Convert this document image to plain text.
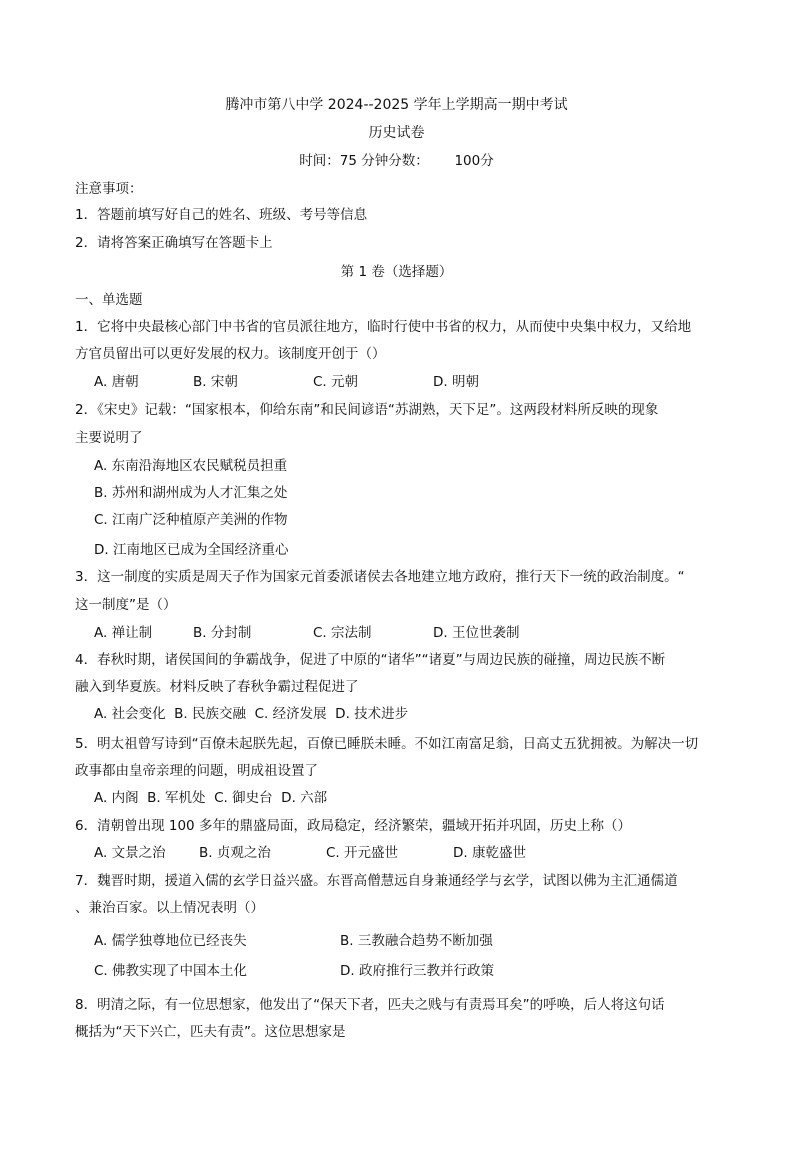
腾冲市第八中学 2024--2025 学年上学期高一期中考试
历史试卷
时间：75 分钟分数：      100分
注意事项：
1．答题前填写好自己的姓名、班级、考号等信息
2．请将答案正确填写在答题卡上
第 1 卷（选择题）
一、单选题
1．它将中央最核心部门中书省的官员派往地方，临时行使中书省的权力，从而使中央集中权力，又给地
方官员留出可以更好发展的权力。该制度开创于（）
A. 唐朝	B. 宋朝	C. 元朝	D. 明朝
2．《宋史》记载：“国家根本，仰给东南”和民间谚语“苏湖熟，天下足”。这两段材料所反映的现象
主要说明了
A. 东南沿海地区农民赋税员担重
B. 苏州和湖州成为人才汇集之处
C. 江南广泛种植原产美洲的作物
D. 江南地区已成为全国经济重心
3．这一制度的实质是周天子作为国家元首委派诸侯去各地建立地方政府，推行天下一统的政治制度。“
这一制度”是（）
A. 禅让制	B. 分封制	C. 宗法制	D. 王位世袭制
4．春秋时期，诸侯国间的争霸战争，促进了中原的“诸华”“诸夏”与周边民族的碰撞，周边民族不断
融入到华夏族。材料反映了春秋争霸过程促进了
A. 社会变化  B. 民族交融  C. 经济发展  D. 技术进步
5．明太祖曾写诗到“百僚未起朕先起，百僚已睡朕未睡。不如江南富足翁，日高丈五犹拥被。为解决一切
政事都由皇帝亲理的问题，明成祖设置了
A. 内阁  B. 军机处  C. 御史台  D. 六部
6．清朝曾出现 100 多年的鼎盛局面，政局稳定，经济繁荣，疆域开拓并巩固，历史上称（）
A. 文景之治 B. 贞观之治	C. 开元盛世	D. 康乾盛世
7．魏晋时期，援道入儒的玄学日益兴盛。东晋高僧慧远自身兼通经学与玄学，试图以佛为主汇通儒道
、兼治百家。以上情况表明（）
A. 儒学独尊地位已经丧失	B. 三教融合趋势不断加强
C. 佛教实现了中国本土化	D. 政府推行三教并行政策
8．明清之际，有一位思想家，他发出了“保天下者，匹夫之贱与有责焉耳矣”的呼唤，后人将这句话
概括为“天下兴亡，匹夫有责”。这位思想家是
